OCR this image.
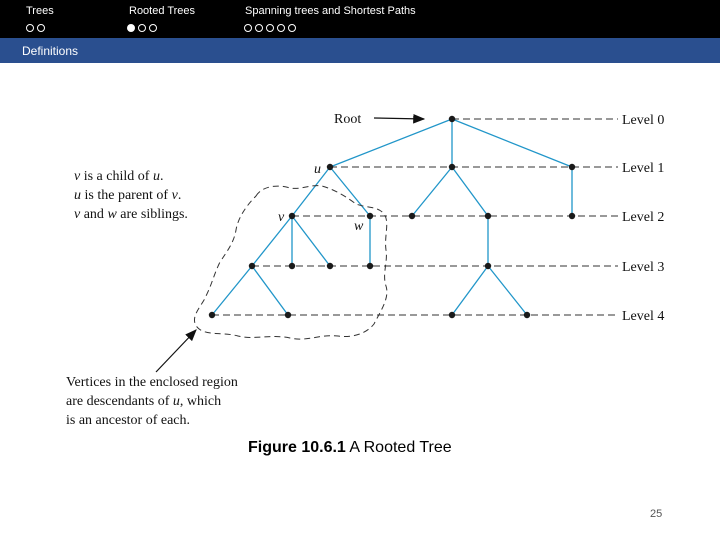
Trees	Rooted Trees	Spanning trees and Shortest Paths
Definitions
Level 0
Level 1
Level 2
Level 3
Level 4
u
v
w
Root
v is a child of u.
u is the parent of v.
v and w are siblings.
Vertices in the enclosed region
are descendants of u, which
is an ancestor of each.
Figure 10.6.1 A Rooted Tree
25
